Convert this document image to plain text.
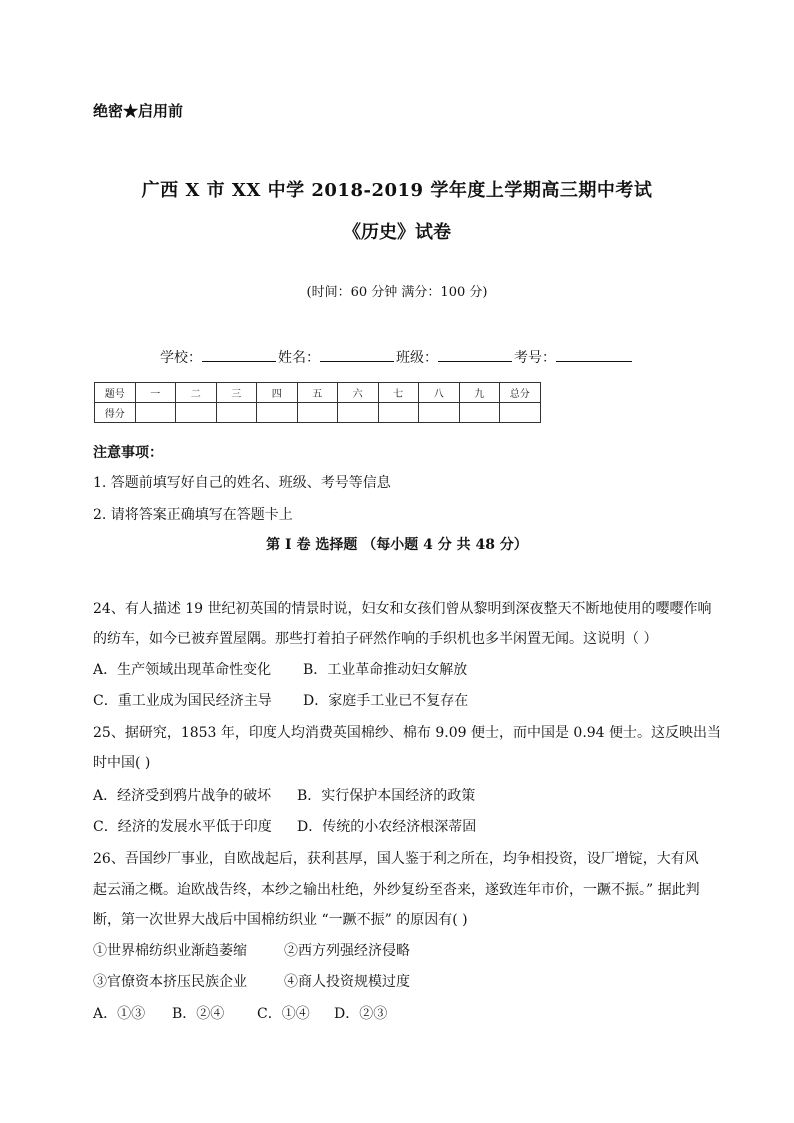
绝密★启用前
广西 X 市 XX 中学 2018-2019 学年度上学期高三期中考试
《历史》试卷
(时间：60 分钟 满分：100 分)
学校：	姓名：	班级：	考号：
题号	一	二	三	四	五	六	七	八	九	总分
得分										
注意事项：
1. 答题前填写好自己的姓名、班级、考号等信息
2. 请将答案正确填写在答题卡上
第 I 卷 选择题 （每小题 4 分 共 48 分）
24、有人描述 19 世纪初英国的情景时说，妇女和女孩们曾从黎明到深夜整天不断地使用的嘤嘤作响
的纺车，如今已被弃置屋隅。那些打着拍子砰然作响的手织机也多半闲置无闻。这说明（ ）
A．生产领域出现革命性变化 B．工业革命推动妇女解放
C．重工业成为国民经济主导 D．家庭手工业已不复存在
25、据研究，1853 年，印度人均消费英国棉纱、棉布 9.09 便士，而中国是 0.94 便士。这反映出当
时中国( )
A．经济受到鸦片战争的破坏 B．实行保护本国经济的政策
C．经济的发展水平低于印度 D．传统的小农经济根深蒂固
26、吾国纱厂事业，自欧战起后，获利甚厚，国人鉴于利之所在，均争相投资，设厂增锭，大有风
起云涌之概。迨欧战告终，本纱之输出杜绝，外纱复纷至沓来，遂致连年市价，一蹶不振。” 据此判
断，第一次世界大战后中国棉纺织业 “一蹶不振” 的原因有( )
①世界棉纺织业渐趋萎缩	②西方列强经济侵略
③官僚资本挤压民族企业	④商人投资规模过度
A．①③ B．②④ C．①④ D．②③
